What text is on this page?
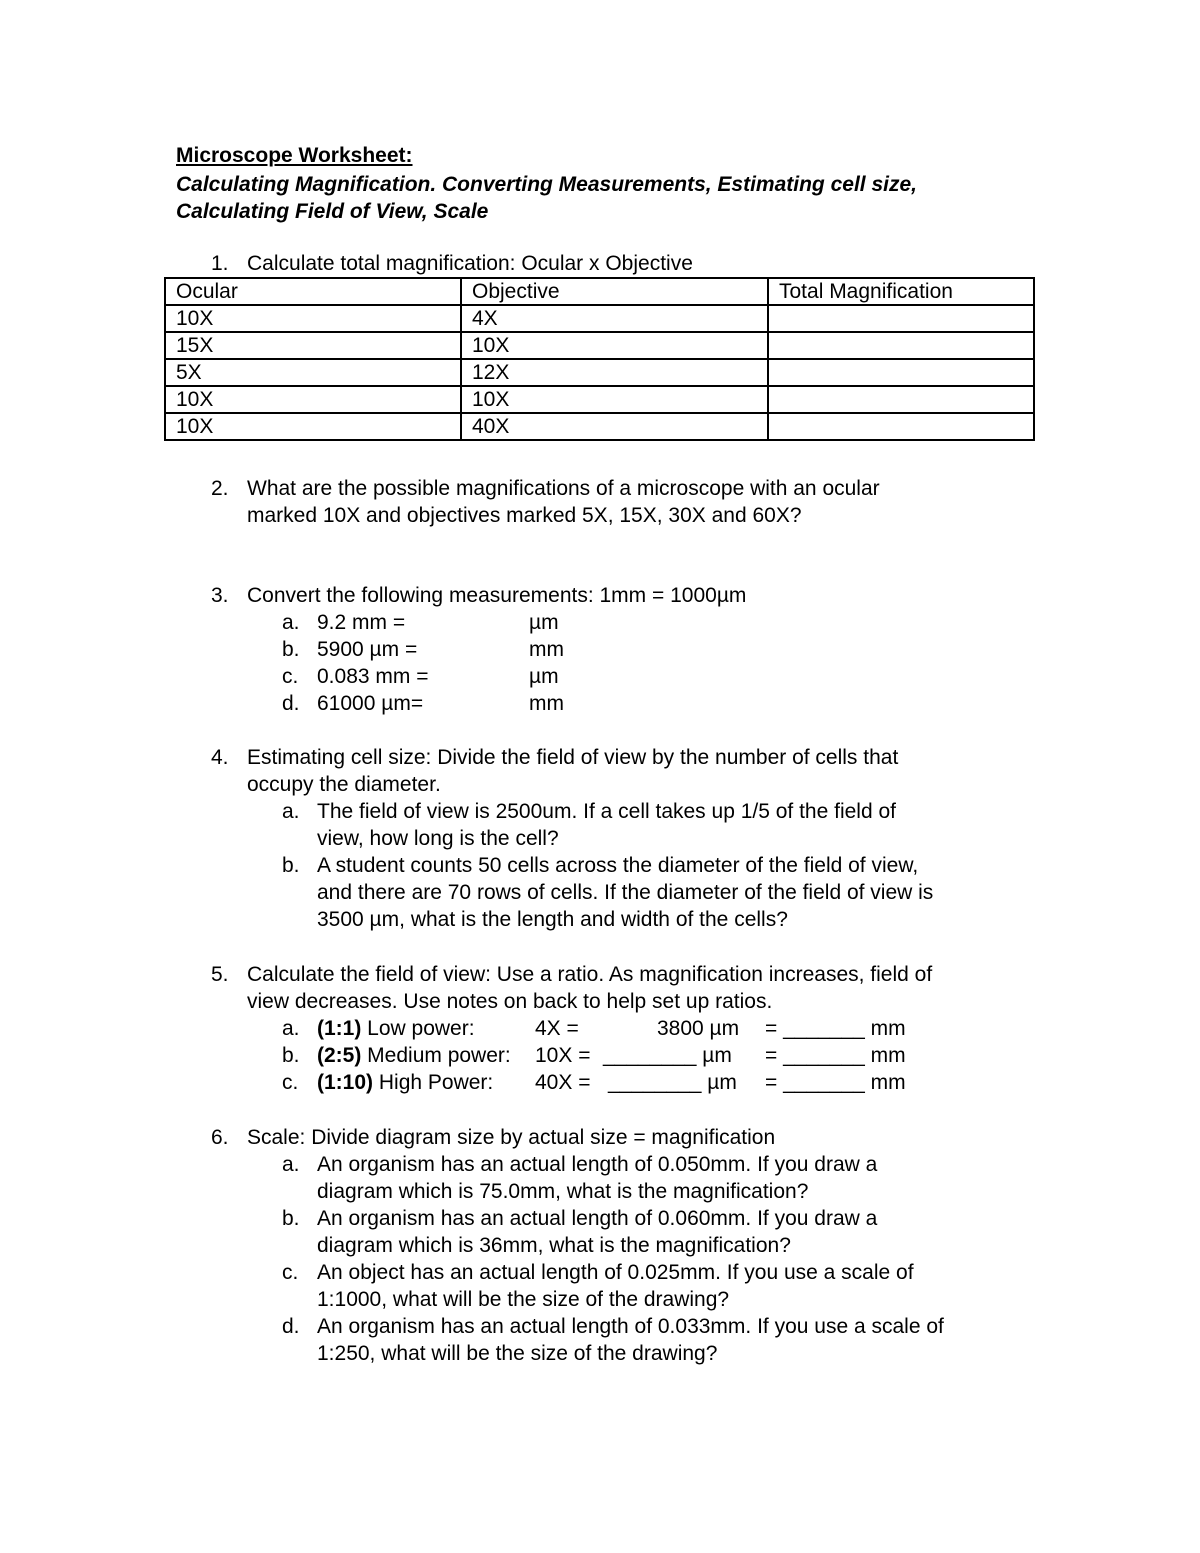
Microscope Worksheet:
Calculating Magnification. Converting Measurements, Estimating cell size,
Calculating Field of View, Scale
1. Calculate total magnification: Ocular x Objective
Ocular	Objective	Total Magnification
10X	4X	
15X	10X	
5X	12X	
10X	10X	
10X	40X	
2. What are the possible magnifications of a microscope with an ocular
marked 10X and objectives marked 5X, 15X, 30X and 60X?
3. Convert the following measurements: 1mm = 1000µm
a. 9.2 mm =	µm
b. 5900 µm =	mm
c. 0.083 mm =	µm
d. 61000 µm=	mm
4. Estimating cell size: Divide the field of view by the number of cells that
occupy the diameter.
a. The field of view is 2500um. If a cell takes up 1/5 of the field of
view, how long is the cell?
b. A student counts 50 cells across the diameter of the field of view,
and there are 70 rows of cells. If the diameter of the field of view is
3500 µm, what is the length and width of the cells?
5. Calculate the field of view: Use a ratio. As magnification increases, field of
view decreases. Use notes on back to help set up ratios.
a. (1:1) Low power:	4X =	3800 µm = _______ mm
b. (2:5) Medium power: 10X = ________ µm = _______ mm
c. (1:10) High Power: 40X = ________ µm = _______ mm
6. Scale: Divide diagram size by actual size = magnification
a. An organism has an actual length of 0.050mm. If you draw a
diagram which is 75.0mm, what is the magnification?
b. An organism has an actual length of 0.060mm. If you draw a
diagram which is 36mm, what is the magnification?
c. An object has an actual length of 0.025mm. If you use a scale of
1:1000, what will be the size of the drawing?
d. An organism has an actual length of 0.033mm. If you use a scale of
1:250, what will be the size of the drawing?
